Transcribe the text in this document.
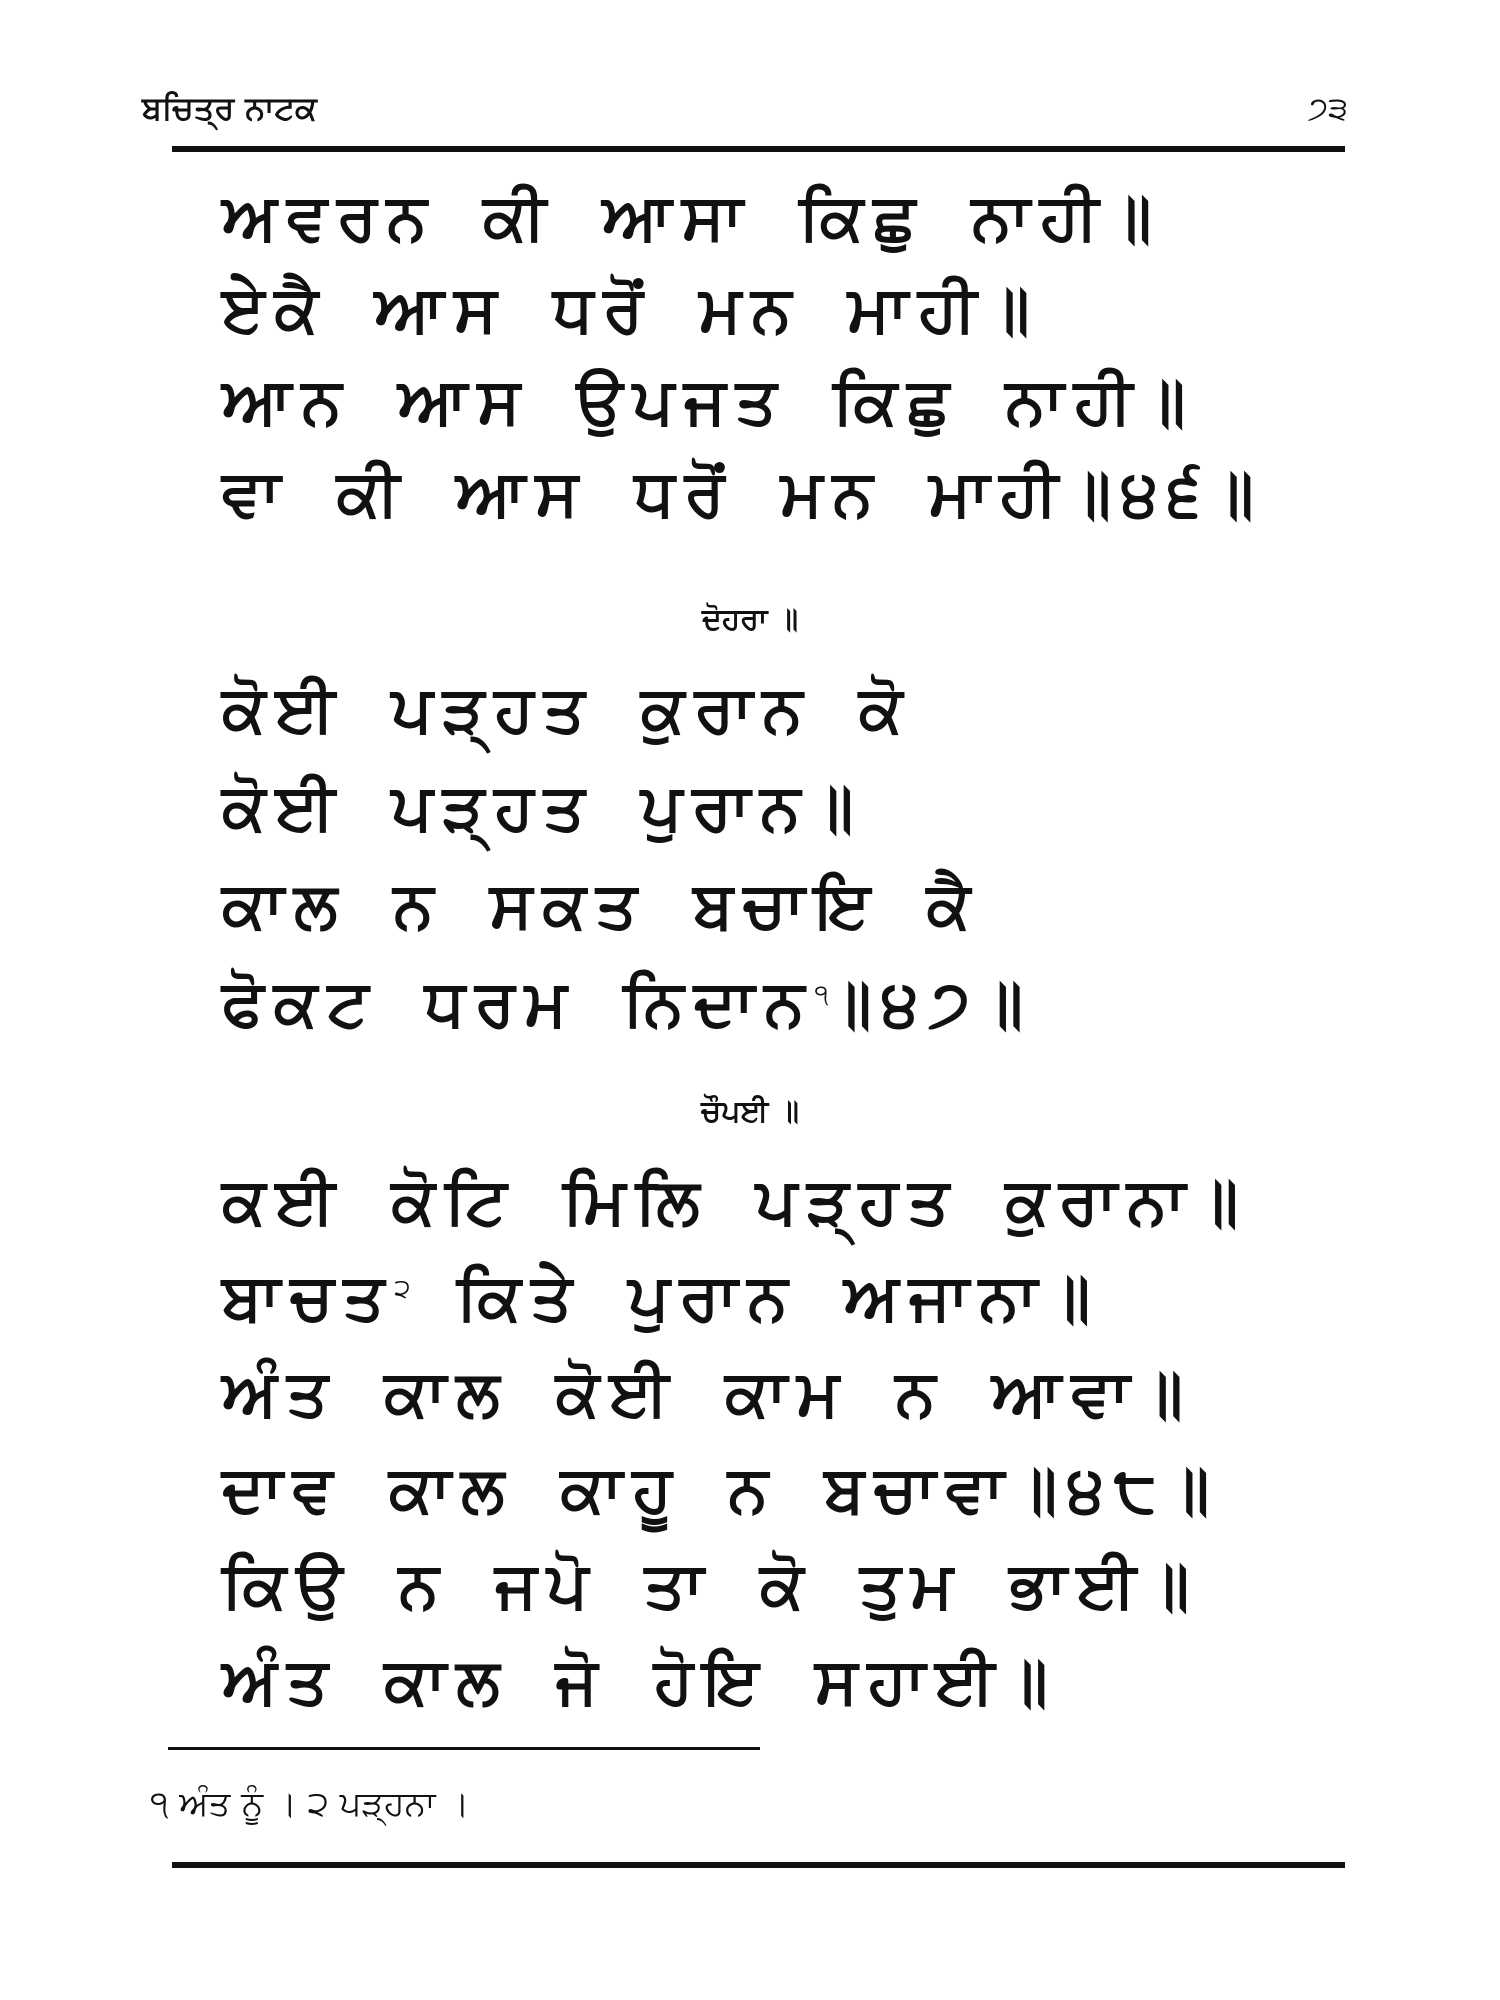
ਬਚਿਤ੍ਰ ਨਾਟਕ	੭੩

ਅਵਰਨ ਕੀ ਆਸਾ ਕਿਛੁ ਨਾਹੀ॥

ਏਕੈ ਆਸ ਧਰੋਂ ਮਨ ਮਾਹੀ॥

ਆਨ ਆਸ ਉਪਜਤ ਕਿਛੁ ਨਾਹੀ॥

ਵਾ ਕੀ ਆਸ ਧਰੋਂ ਮਨ ਮਾਹੀ॥੪੬॥

ਦੋਹਰਾ ॥

ਕੋਈ ਪੜ੍ਹਤ ਕੁਰਾਨ ਕੋ

ਕੋਈ ਪੜ੍ਹਤ ਪੁਰਾਨ॥

ਕਾਲ ਨ ਸਕਤ ਬਚਾਇ ਕੈ

ਫੋਕਟ ਧਰਮ ਨਿਦਾਨ$^੧$॥੪੭॥

ਚੌਪਈ ॥

ਕਈ ਕੋਟਿ ਮਿਲਿ ਪੜ੍ਹਤ ਕੁਰਾਨਾ॥

ਬਾਚਤ$^੨$ ਕਿਤੇ ਪੁਰਾਨ ਅਜਾਨਾ॥

ਅੰਤ ਕਾਲ ਕੋਈ ਕਾਮ ਨ ਆਵਾ॥

ਦਾਵ ਕਾਲ ਕਾਹੂ ਨ ਬਚਾਵਾ॥੪੮॥

ਕਿਉ ਨ ਜਪੋ ਤਾ ਕੋ ਤੁਮ ਭਾਈ॥

ਅੰਤ ਕਾਲ ਜੋ ਹੋਇ ਸਹਾਈ॥

੧ ਅੰਤ ਨੂੰ । ੨ ਪੜ੍ਹਨਾ ।
